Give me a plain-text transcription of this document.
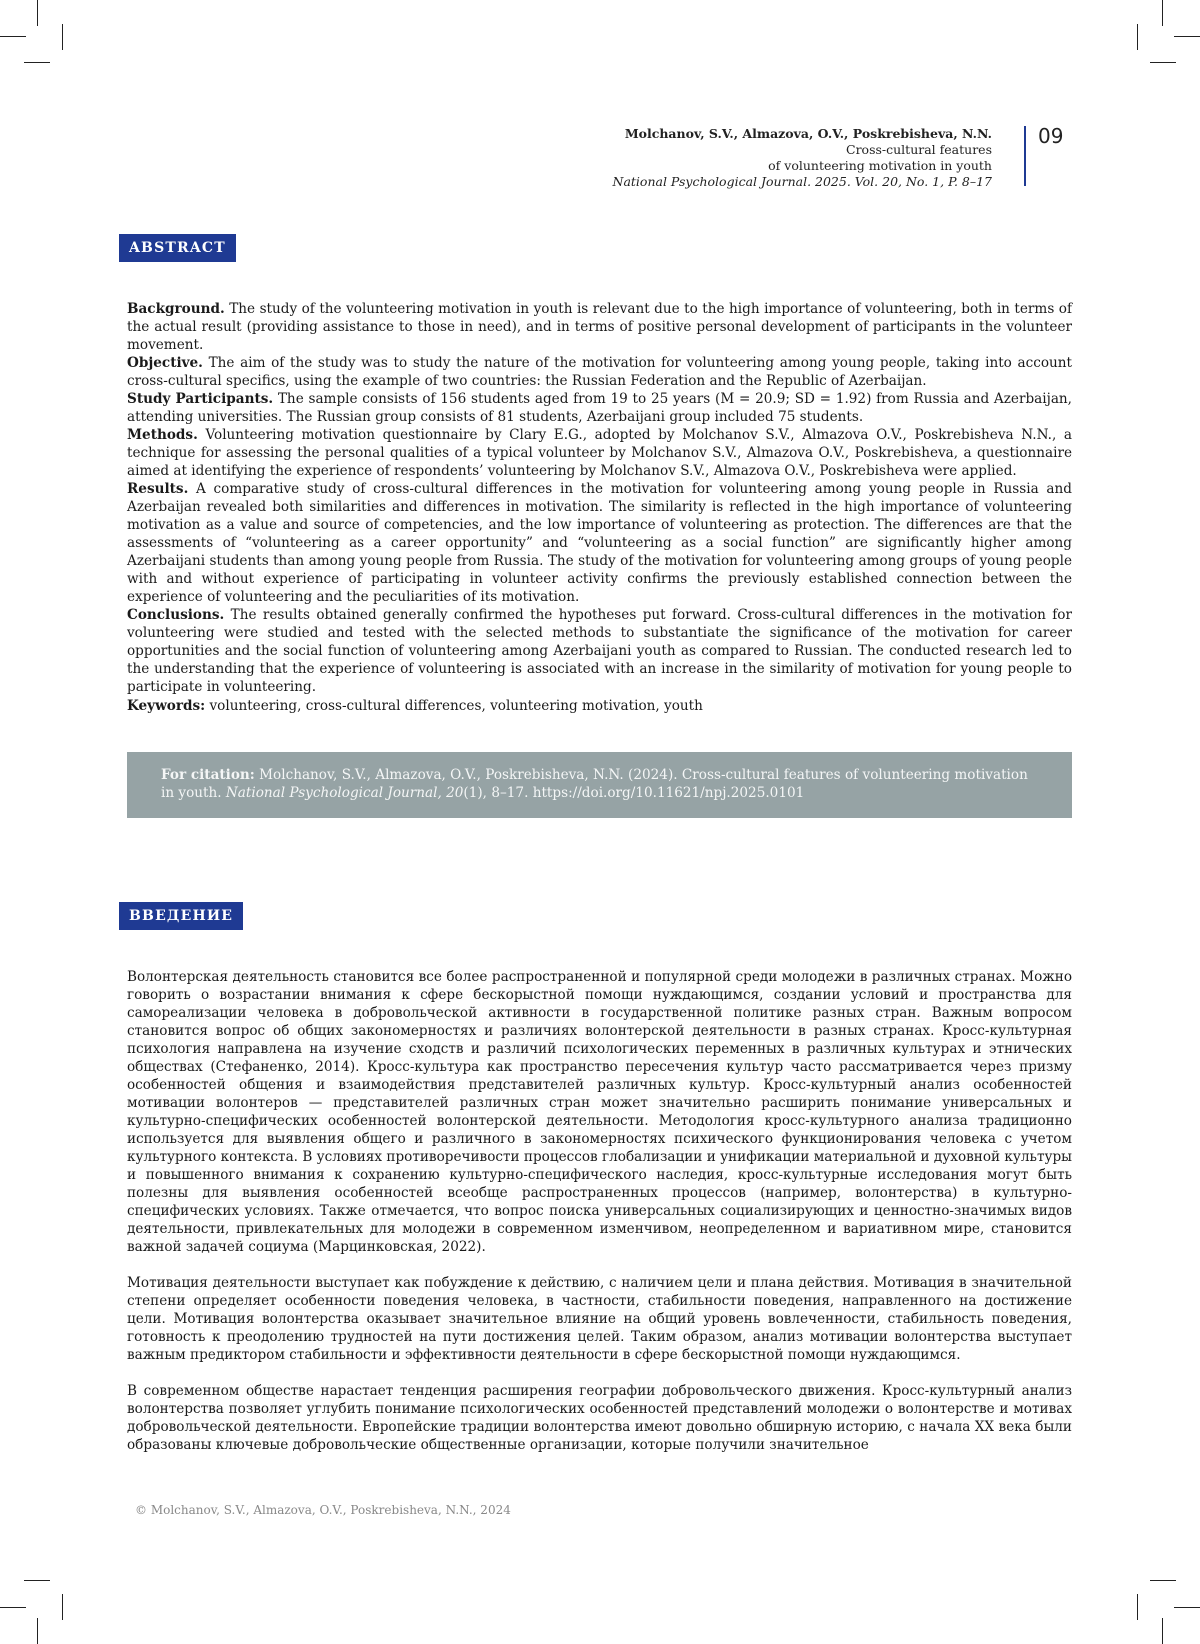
Molchanov, S.V., Almazova, O.V., Poskrebisheva, N.N.
Cross-cultural features
of volunteering motivation in youth
National Psychological Journal. 2025. Vol. 20, No. 1, P. 8–17
09
ABSTRACT

Background. The study of the volunteering motivation in youth is relevant due to the high importance of volunteering, both in terms of the actual result (providing assistance to those in need), and in terms of positive personal development of participants in the volunteer movement.

Objective. The aim of the study was to study the nature of the motivation for volunteering among young people, taking into account cross-cultural specifics, using the example of two countries: the Russian Federation and the Republic of Azerbaijan.

Study Participants. The sample consists of 156 students aged from 19 to 25 years (M = 20.9; SD = 1.92) from Russia and Azerbaijan, attending universities. The Russian group consists of 81 students, Azerbaijani group included 75 students.

Methods. Volunteering motivation questionnaire by Clary E.G., adopted by Molchanov S.V., Almazova O.V., Poskrebisheva N.N., a technique for assessing the personal qualities of a typical volunteer by Molchanov S.V., Almazova O.V., Poskrebisheva, a questionnaire aimed at identifying the experience of respondents’ volunteering by Molchanov S.V., Almazova O.V., Poskrebisheva were applied.

Results. A comparative study of cross-cultural differences in the motivation for volunteering among young people in Russia and Azerbaijan revealed both similarities and differences in motivation. The similarity is reflected in the high importance of volunteering motivation as a value and source of competencies, and the low importance of volunteering as protection. The differences are that the assessments of “volunteering as a career opportunity” and “volunteering as a social function” are significantly higher among Azerbaijani students than among young people from Russia. The study of the motivation for volunteering among groups of young people with and without experience of participating in volunteer activity confirms the previously established connection between the experience of volunteering and the peculiarities of its motivation.

Conclusions. The results obtained generally confirmed the hypotheses put forward. Cross-cultural differences in the motivation for volunteering were studied and tested with the selected methods to substantiate the significance of the motivation for career opportunities and the social function of volunteering among Azerbaijani youth as compared to Russian. The conducted research led to the understanding that the experience of volunteering is associated with an increase in the similarity of motivation for young people to participate in volunteering.

Keywords: volunteering, cross-cultural differences, volunteering motivation, youth
For citation: Molchanov, S.V., Almazova, O.V., Poskrebisheva, N.N. (2024). Cross-cultural features of volunteering motivation in youth. National Psychological Journal, 20(1), 8–17. https://doi.org/10.11621/npj.2025.0101
ВВЕДЕНИЕ

Волонтерская деятельность становится все более распространенной и популярной среди молодежи в различных странах. Можно говорить о возрастании внимания к сфере бескорыстной помощи нуждающимся, создании условий и пространства для самореализации человека в добровольческой активности в государственной политике разных стран. Важным вопросом становится вопрос об общих закономерностях и различиях волонтерской деятельности в разных странах. Кросс-культурная психология направлена на изучение сходств и различий психологических переменных в различных культурах и этнических обществах (Стефаненко, 2014). Кросс-культура как пространство пересечения культур часто рассматривается через призму особенностей общения и взаимодействия представителей различных культур. Кросс-культурный анализ особенностей мотивации волонтеров — представителей различных стран может значительно расширить понимание универсальных и культурно-специфических особенностей волонтерской деятельности. Методология кросс-культурного анализа традиционно используется для выявления общего и различного в закономерностях психического функционирования человека с учетом культурного контекста. В условиях противоречивости процессов глобализации и унификации материальной и духовной культуры и повышенного внимания к сохранению культурно-специфического наследия, кросс-культурные исследования могут быть полезны для выявления особенностей всеобще распространенных процессов (например, волонтерства) в культурно-специфических условиях. Также отмечается, что вопрос поиска универсальных социализирующих и ценностно-значимых видов деятельности, привлекательных для молодежи в современном изменчивом, неопределенном и вариативном мире, становится важной задачей социума (Марцинковская, 2022).

Мотивация деятельности выступает как побуждение к действию, с наличием цели и плана действия. Мотивация в значительной степени определяет особенности поведения человека, в частности, стабильности поведения, направленного на достижение цели. Мотивация волонтерства оказывает значительное влияние на общий уровень вовлеченности, стабильность поведения, готовность к преодолению трудностей на пути достижения целей. Таким образом, анализ мотивации волонтерства выступает важным предиктором стабильности и эффективности деятельности в сфере бескорыстной помощи нуждающимся.

В современном обществе нарастает тенденция расширения географии добровольческого движения. Кросс-культурный анализ волонтерства позволяет углубить понимание психологических особенностей представлений молодежи о волонтерстве и мотивах добровольческой деятельности. Европейские традиции волонтерства имеют довольно обширную историю, с начала XX века были образованы ключевые добровольческие общественные организации, которые получили значительное

© Molchanov, S.V., Almazova, O.V., Poskrebisheva, N.N., 2024
